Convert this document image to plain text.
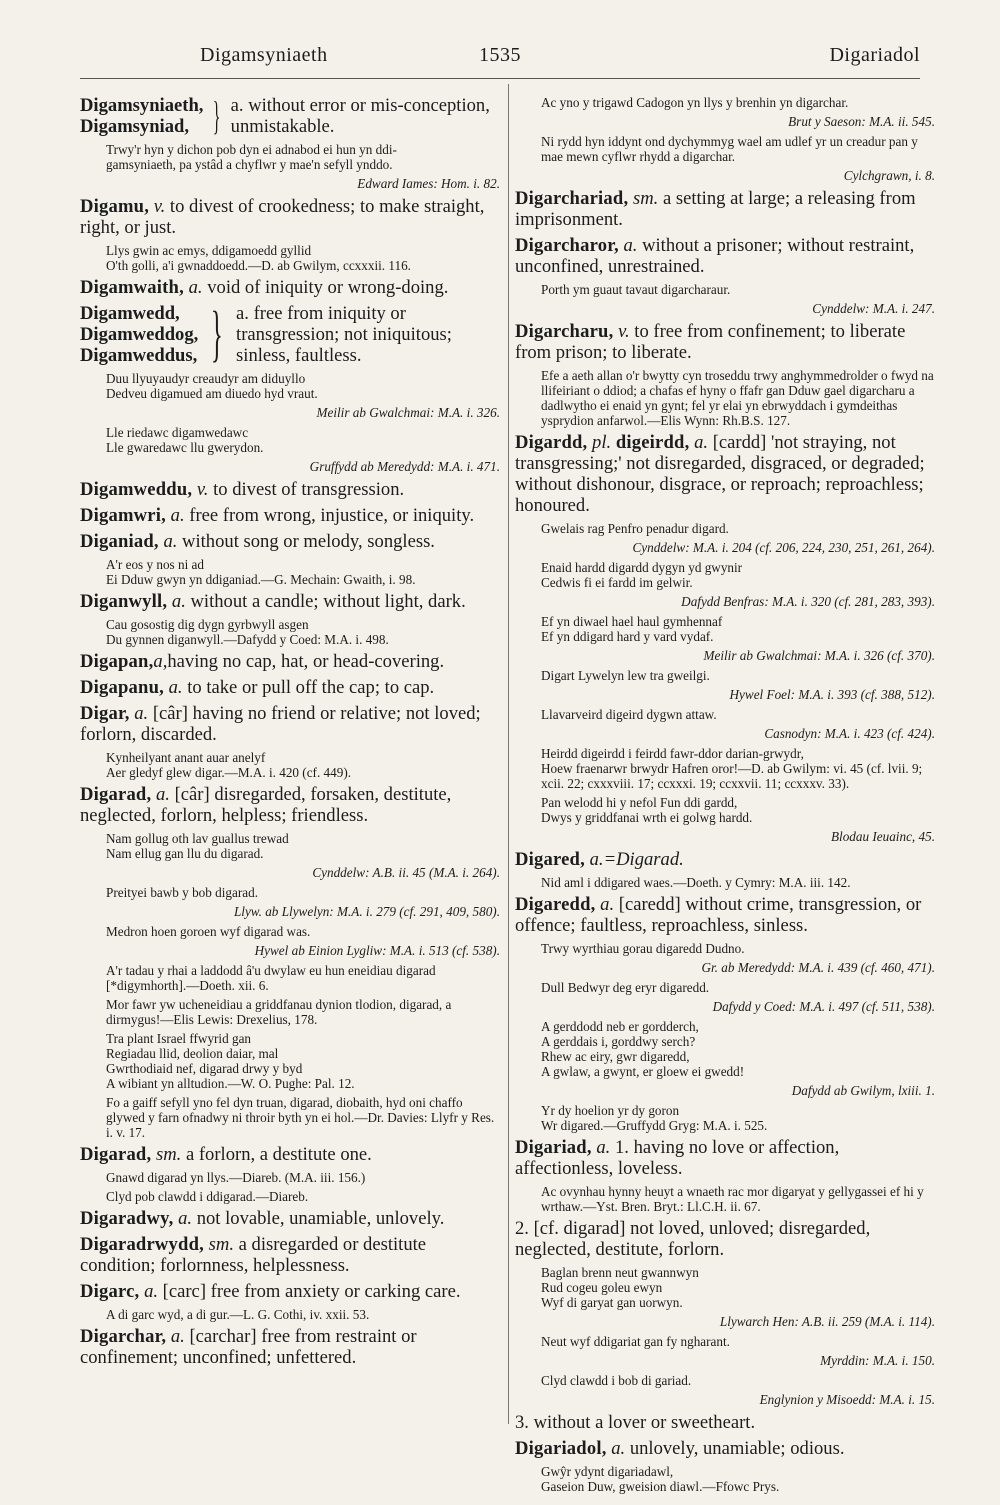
Digamsyniaeth	1535	Digariadol
Digamsyniaeth,
Digamsyniad, } a. without error or mis-conception, unmistakable.
Trwy'r hyn y dichon pob dyn ei adnabod ei hun yn ddi-
gamsyniaeth, pa ystâd a chyflwr y mae'n sefyll ynddo.
Edward Iames: Hom. i. 82.
Digamu, v. to divest of crookedness; to make straight, right, or just.
Llys gwin ac emys, ddigamoedd gyllid
O'th golli, a'i gwnaddoedd.—D. ab Gwilym, ccxxxii. 116.
Digamwaith, a. void of iniquity or wrong-doing.
Digamwedd,
Digamweddog,
Digamweddus, } a. free from iniquity or transgression; not iniquitous; sinless, faultless.
Duu llyuyaudyr creaudyr am diduyllo
Dedveu digamued am diuedo hyd vraut.
Meilir ab Gwalchmai: M.A. i. 326.
Lle riedawc digamwedawc
Lle gwaredawc llu gwerydon.
Gruffydd ab Meredydd: M.A. i. 471.
Digamweddu, v. to divest of transgression.
Digamwri, a. free from wrong, injustice, or iniquity.
Diganiad, a. without song or melody, songless.
A'r eos y nos ni ad
Ei Dduw gwyn yn ddiganiad.—G. Mechain: Gwaith, i. 98.
Diganwyll, a. without a candle; without light, dark.
Cau gosostig dig dygn gyrbwyll asgen
Du gynnen diganwyll.—Dafydd y Coed: M.A. i. 498.
Digapan,a,having no cap, hat, or head-covering.
Digapanu, a. to take or pull off the cap; to cap.
Digar, a. [câr] having no friend or relative; not loved; forlorn, discarded.
Kynheilyant anant auar anelyf
Aer gledyf glew digar.—M.A. i. 420 (cf. 449).
Digarad, a. [câr] disregarded, forsaken, destitute, neglected, forlorn, helpless; friendless.
Nam gollug oth lav guallus trewad
Nam ellug gan llu du digarad.
Cynddelw: A.B. ii. 45 (M.A. i. 264).
Preityei bawb y bob digarad.
Llyw. ab Llywelyn: M.A. i. 279 (cf. 291, 409, 580).
Medron hoen goroen wyf digarad was.
Hywel ab Einion Lygliw: M.A. i. 513 (cf. 538).
A'r tadau y rhai a laddodd â'u dwylaw eu hun eneidiau digarad [*digymhorth].—Doeth. xii. 6.
Mor fawr yw ucheneidiau a griddfanau dynion tlodion, digarad, a dirmygus!—Elis Lewis: Drexelius, 178.
Tra plant Israel ffwyrid gan
Regiadau llid, deolion daiar, mal
Gwrthodiaid nef, digarad drwy y byd
A wibiant yn alltudion.—W. O. Pughe: Pal. 12.
Fo a gaiff sefyll yno fel dyn truan, digarad, diobaith, hyd oni chaffo glywed y farn ofnadwy ni throir byth yn ei hol.—Dr. Davies: Llyfr y Res. i. v. 17.
Digarad, sm. a forlorn, a destitute one.
Gnawd digarad yn llys.—Diareb. (M.A. iii. 156.)
Clyd pob clawdd i ddigarad.—Diareb.
Digaradwy, a. not lovable, unamiable, unlovely.
Digaradrwydd, sm. a disregarded or destitute condition; forlornness, helplessness.
Digarc, a. [carc] free from anxiety or carking care.
A di garc wyd, a di gur.—L. G. Cothi, iv. xxii. 53.
Digarchar, a. [carchar] free from restraint or confinement; unconfined; unfettered.
Ac yno y trigawd Cadogon yn llys y brenhin yn digarchar.
Brut y Saeson: M.A. ii. 545.
Ni rydd hyn iddynt ond dychymmyg wael am udlef yr un creadur pan y mae mewn cyflwr rhydd a digarchar.
Cylchgrawn, i. 8.
Digarchariad, sm. a setting at large; a releasing from imprisonment.
Digarcharor, a. without a prisoner; without restraint, unconfined, unrestrained.
Porth ym guaut tavaut digarcharaur.
Cynddelw: M.A. i. 247.
Digarcharu, v. to free from confinement; to liberate from prison; to liberate.
Efe a aeth allan o'r bwytty cyn troseddu trwy anghymmedrolder o fwyd na llifeiriant o ddiod; a chafas ef hyny o ffafr gan Dduw gael digarcharu a dadlwytho ei enaid yn gynt; fel yr elai yn ebrwyddach i gymdeithas ysprydion anfarwol.—Elis Wynn: Rh.B.S. 127.
Digardd, pl. digeirdd, a. [cardd] 'not straying, not transgressing;' not disregarded, disgraced, or degraded; without dishonour, disgrace, or reproach; reproachless; honoured.
Gwelais rag Penfro penadur digard.
Cynddelw: M.A. i. 204 (cf. 206, 224, 230, 251, 261, 264).
Enaid hardd digardd dygyn yd gwynir
Cedwis fi ei fardd im gelwir.
Dafydd Benfras: M.A. i. 320 (cf. 281, 283, 393).
Ef yn diwael hael haul gymhennaf
Ef yn ddigard hard y vard vydaf.
Meilir ab Gwalchmai: M.A. i. 326 (cf. 370).
Digart Lywelyn lew tra gweilgi.
Hywel Foel: M.A. i. 393 (cf. 388, 512).
Llavarveird digeird dygwn attaw.
Casnodyn: M.A. i. 423 (cf. 424).
Heirdd digeirdd i feirdd fawr-ddor darian-grwydr,
Hoew fraenarwr brwydr Hafren oror!—D. ab Gwilym: vi. 45 (cf. lvii. 9; xcii. 22; cxxxviii. 17; ccxxxi. 19; ccxxvii. 11; ccxxxv. 33).
Pan welodd hi y nefol Fun ddi gardd,
Dwys y griddfanai wrth ei golwg hardd.
Blodau Ieuainc, 45.
Digared, a.=Digarad.
Nid aml i ddigared waes.—Doeth. y Cymry: M.A. iii. 142.
Digaredd, a. [caredd] without crime, transgression, or offence; faultless, reproachless, sinless.
Trwy wyrthiau gorau digaredd Dudno.
Gr. ab Meredydd: M.A. i. 439 (cf. 460, 471).
Dull Bedwyr deg eryr digaredd.
Dafydd y Coed: M.A. i. 497 (cf. 511, 538).
A gerddodd neb er gordderch,
A gerddais i, gorddwy serch?
Rhew ac eiry, gwr digaredd,
A gwlaw, a gwynt, er gloew ei gwedd!
Dafydd ab Gwilym, lxiii. 1.
Yr dy hoelion yr dy goron
Wr digared.—Gruffydd Gryg: M.A. i. 525.
Digariad, a. 1. having no love or affection, affectionless, loveless.
Ac ovynhau hynny heuyt a wnaeth rac mor digaryat y gellygassei ef hi y wrthaw.—Yst. Bren. Bryt.: Ll.C.H. ii. 67.
2. [cf. digarad] not loved, unloved; disregarded, neglected, destitute, forlorn.
Baglan brenn neut gwannwyn
Rud cogeu goleu ewyn
Wyf di garyat gan uorwyn.
Llywarch Hen: A.B. ii. 259 (M.A. i. 114).
Neut wyf ddigariat gan fy ngharant.
Myrddin: M.A. i. 150.
Clyd clawdd i bob di gariad.
Englynion y Misoedd: M.A. i. 15.
3. without a lover or sweetheart.
Digariadol, a. unlovely, unamiable; odious.
Gwŷr ydynt digariadawl,
Gaseion Duw, gweision diawl.—Ffowc Prys.
